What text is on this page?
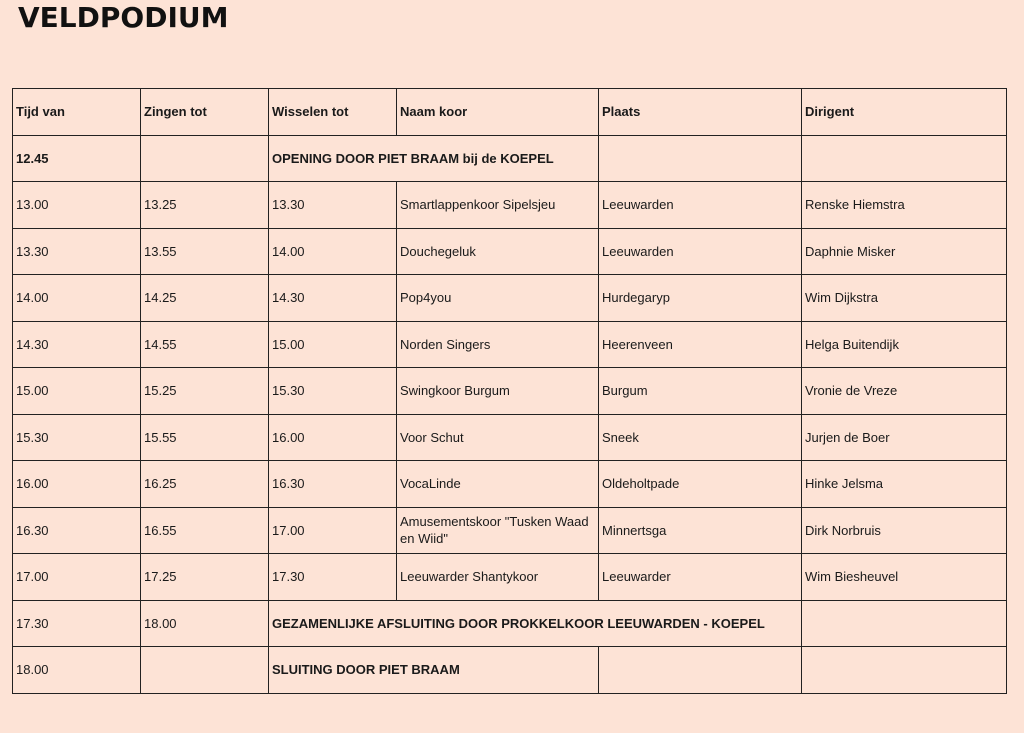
VELDPODIUM
Tijd van	Zingen tot	Wisselen tot	Naam koor	Plaats	Dirigent
12.45		OPENING DOOR PIET BRAAM bij de KOEPEL			
13.00	13.25	13.30	Smartlappenkoor Sipelsjeu	Leeuwarden	Renske Hiemstra
13.30	13.55	14.00	Douchegeluk	Leeuwarden	Daphnie Misker
14.00	14.25	14.30	Pop4you	Hurdegaryp	Wim Dijkstra
14.30	14.55	15.00	Norden Singers	Heerenveen	Helga Buitendijk
15.00	15.25	15.30	Swingkoor Burgum	Burgum	Vronie de Vreze
15.30	15.55	16.00	Voor Schut	Sneek	Jurjen de Boer
16.00	16.25	16.30	VocaLinde	Oldeholtpade	Hinke Jelsma
16.30	16.55	17.00	Amusementskoor "Tusken Waad en Wiid"	Minnertsga	Dirk Norbruis
17.00	17.25	17.30	Leeuwarder Shantykoor	Leeuwarder	Wim Biesheuvel
17.30	18.00	GEZAMENLIJKE AFSLUITING DOOR PROKKELKOOR LEEUWARDEN - KOEPEL			
18.00		SLUITING DOOR PIET BRAAM			
